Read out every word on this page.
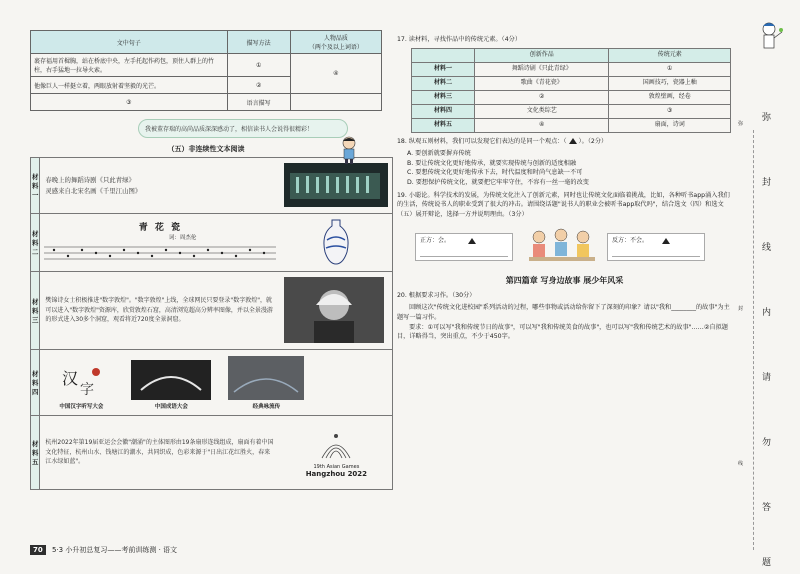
文中句子	描写方法	人物品质
（两个及以上词语）
裹存福用首楫胸，站在桥底中央，左手托起作药包，顶住人群上的竹柱，右手猛地一拉导火索。	①	④
他像巨人一样挺立着，两眼放射着坚毅的光芒。	②	
③	语言描写	
我被董存瑞的高尚品质深深感动了，相信读书人会说得很精彩！
（五）非连续性文本阅读
材料一	春晚上的舞蹈诗剧《只此青绿》
灵感来自北宋名画《千里江山图》

材料二	青 花 瓷
词：周杰伦

材料三	樊锦诗女士积极推进"数字敦煌"。"数字敦煌"上线，全球网民只要登录"数字敦煌"，就可以进入"数字敦煌"资源库，欣赏敦煌石窟，高清浏览超高分辨率图像，并以全景漫游的形式进入30多个洞窟，观看将近720度全景洞窟。

材料四	汉
字
中国汉字听写大会 中国成语大会 经典咏流传	

材料五	杭州2022年第19届亚运会会徽"潮涌"的主体图形由19条扇形连线组成，扇面有着中国文化特征，杭州山水、钱塘江的潮水，共同织成，色彩来源于"日出江花红胜火，春来江水绿如蓝"。	19th Asian Games
Hangzhou 2022
17. 读材料，寻找作品中的传统元素。（4分）
	创新作品	传统元素
材料一	舞蹈诗剧《只此青绿》	①
材料二	歌曲《青花瓷》	国画技巧，瓷器上釉
材料三	②	敦煌壁画，经卷
材料四	文化类综艺	③
材料五	④	扇面，诗词
18. 纵观五则材料，我们可以发现它们表达的是同一个观点：（ ）。（2分）
A. 要创新就要摒弃传统
B. 要让传统文化更好地传承，就要实现传统与创新的适度相融
C. 要想传统文化更好地传承下去，时代温度和时尚气息缺一不可
D. 要想保护传统文化，就要把它牢牢守住，不容有一丝一毫的改变
19. 小聪论。科学技术的发展，为传统文化注入了创新元素，同时也让传统文化面临着挑战，比如，各种听书app涌入我们的生活，传统说书人的职业受到了很大的冲击。请围绕话题"说书人的职业会被听书app取代吗"，结合选文（四）和选文（五）展开辩论，选择一方并说明理由。（3分）
正方：会。	反方：不会。
第四篇章 写身边故事 展少年风采
20. 根据要求习作。（30分）
回顾这次"传统文化进校园"系列活动的过程，哪些事物或活动给你留下了深刻的印象？请以"我和________的故事"为主题写一篇习作。
要求：①可以写"我和传统节日的故事"，可以写"我和传统美食的故事"，也可以写"我和传统艺术的故事"……②自拟题目，详略得当，突出重点，不少于450字。
弥
封
线
内
请
勿
答
题
弥
封
线
70 5·3 小升初总复习——考前训练测 · 语文
